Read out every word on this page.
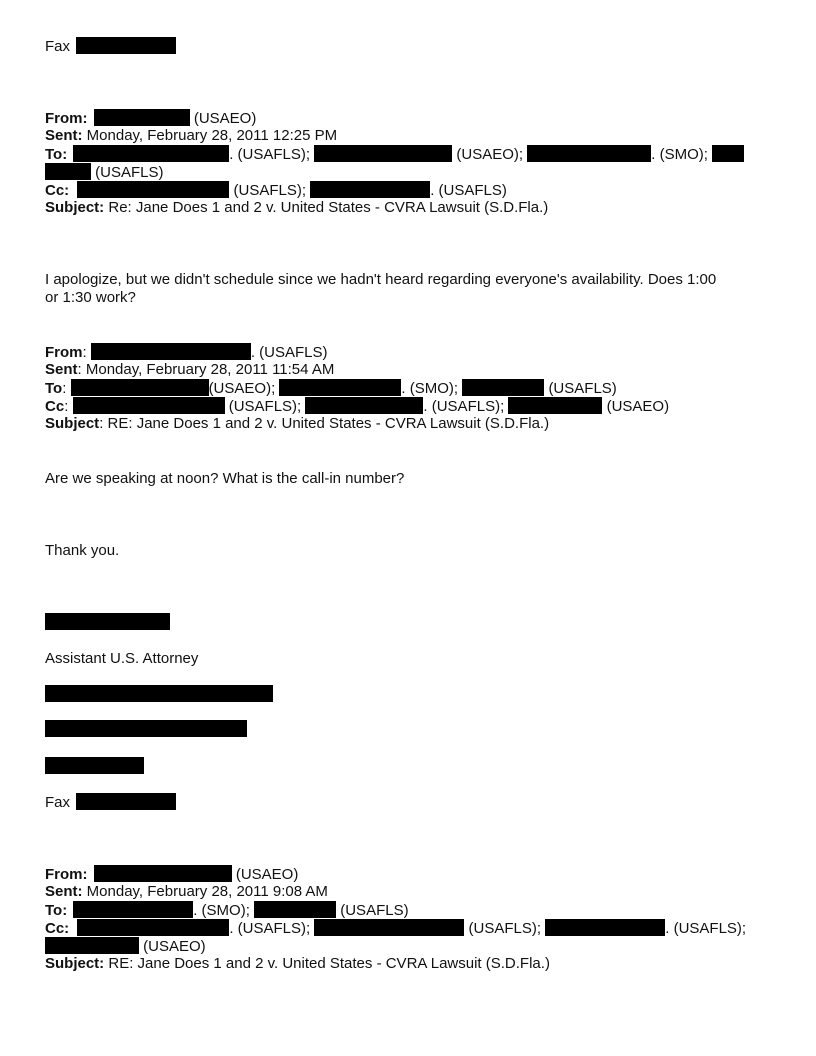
Fax
From:	(USAEO)
Sent: Monday, February 28, 2011 12:25 PM
To:	. (USAFLS);	(USAEO);	. (SMO);
(USAFLS)
Cc:	(USAFLS);	. (USAFLS)
Subject: Re: Jane Does 1 and 2 v. United States - CVRA Lawsuit (S.D.Fla.)
I apologize, but we didn't schedule since we hadn't heard regarding everyone's availability. Does 1:00
or 1:30 work?
From:	. (USAFLS)
Sent: Monday, February 28, 2011 11:54 AM
To:	(USAEO);	. (SMO);	(USAFLS)
Cc:	(USAFLS);	. (USAFLS);	(USAEO)
Subject: RE: Jane Does 1 and 2 v. United States - CVRA Lawsuit (S.D.Fla.)
Are we speaking at noon? What is the call-in number?
Thank you.
Assistant U.S. Attorney
Fax
From:	(USAEO)
Sent: Monday, February 28, 2011 9:08 AM
To:	. (SMO);	(USAFLS)
Cc:	. (USAFLS);	(USAFLS);	. (USAFLS);
(USAEO)
Subject: RE: Jane Does 1 and 2 v. United States - CVRA Lawsuit (S.D.Fla.)
